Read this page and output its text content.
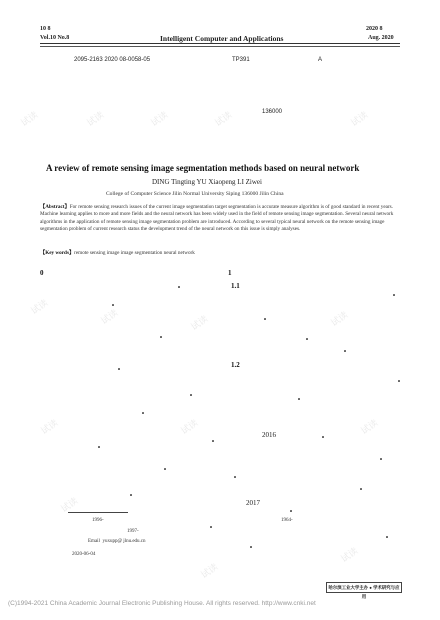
10 8
Vol.10 No.8	Intelligent Computer and Applications
2020 8
Aug. 2020
2095-2163 2020 08-0058-05	TP391	A
136000
A review of remote sensing image segmentation methods based on neural network
DING Tingting YU Xiaopeng LI Ziwei
College of Computer Science Jilin Normal University Siping 136000 Jilin China
【Abstract】For remote sensing research issues of the current image segmentation target segmentation is accurate measure algorithm is of good standard in recent years. Machine learning applies to more and more fields and the neural network has been widely used in the field of remote sensing image segmentation. Several neural network algorithms in the application of remote sensing image segmentation problem are introduced. According to several typical neural network on the remote sensing image segmentation problem of current research status the development trend of the neural network on this issue is simply analyses.
【Key words】remote sensing image image segmentation neural network
0	1
1.1
1.2
2016
2017
1996-	1964-
1997-
Email yuxupp@ jlnu.edu.cn
2020-06-04
哈尔滨工业大学主办 ● 学术研究与应用
(C)1994-2021 China Academic Journal Electronic Publishing House. All rights reserved. http://www.cnki.net
试读	试读	试读	试读	试读
试读
试读	试读	试读
试读	试读	试读
试读
试读
试读
